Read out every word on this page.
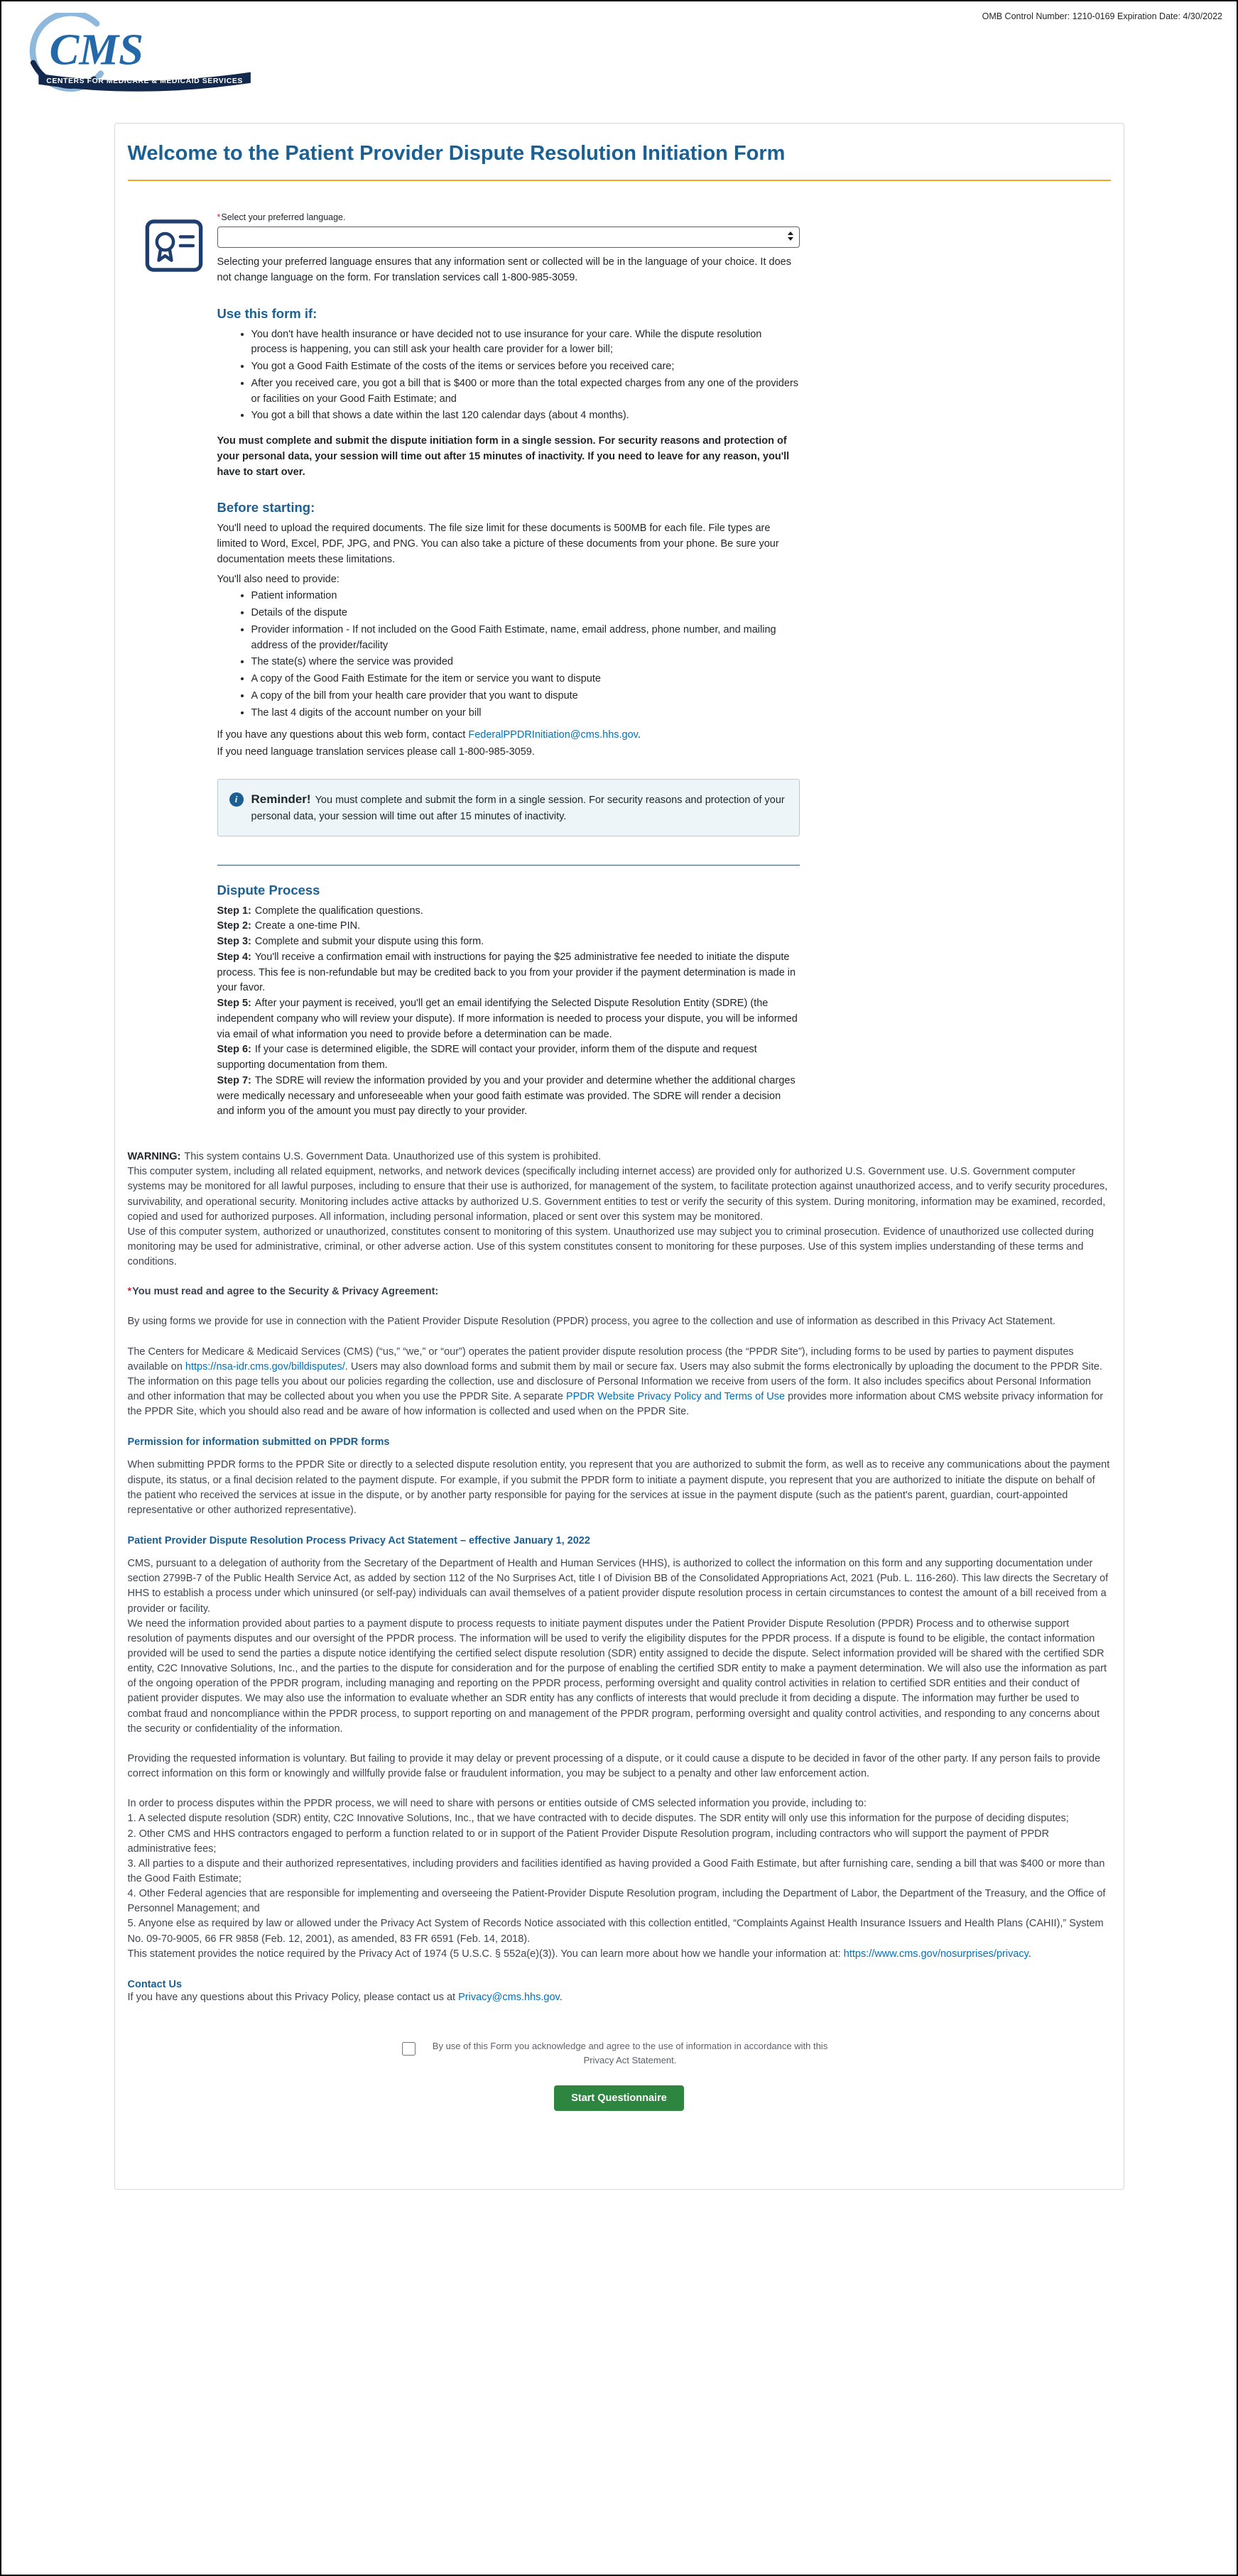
OMB Control Number: 1210-0169 Expiration Date: 4/30/2022
CMS
CENTERS FOR MEDICARE & MEDICAID SERVICES
Welcome to the Patient Provider Dispute Resolution Initiation Form
*Select your preferred language.

Selecting your preferred language ensures that any information sent or collected will be in the language of your choice. It does not change language on the form. For translation services call 1-800-985-3059.

Use this form if:
• You don't have health insurance or have decided not to use insurance for your care. While the dispute resolution process is happening, you can still ask your health care provider for a lower bill;
• You got a Good Faith Estimate of the costs of the items or services before you received care;
• After you received care, you got a bill that is $400 or more than the total expected charges from any one of the providers or facilities on your Good Faith Estimate; and
• You got a bill that shows a date within the last 120 calendar days (about 4 months).

You must complete and submit the dispute initiation form in a single session. For security reasons and protection of your personal data, your session will time out after 15 minutes of inactivity. If you need to leave for any reason, you'll have to start over.

Before starting:

You'll need to upload the required documents. The file size limit for these documents is 500MB for each file. File types are limited to Word, Excel, PDF, JPG, and PNG. You can also take a picture of these documents from your phone. Be sure your documentation meets these limitations.

You'll also need to provide:

• Patient information
• Details of the dispute
• Provider information - If not included on the Good Faith Estimate, name, email address, phone number, and mailing address of the provider/facility
• The state(s) where the service was provided
• A copy of the Good Faith Estimate for the item or service you want to dispute
• A copy of the bill from your health care provider that you want to dispute
• The last 4 digits of the account number on your bill

If you have any questions about this web form, contact FederalPPDRInitiation@cms.hhs.gov.

If you need language translation services please call 1-800-985-3059.

i	Reminder! You must complete and submit the form in a single session. For security reasons and protection of your personal data, your session will time out after 15 minutes of inactivity.
Dispute Process

Step 1: Complete the qualification questions.

Step 2: Create a one-time PIN.

Step 3: Complete and submit your dispute using this form.

Step 4: You'll receive a confirmation email with instructions for paying the $25 administrative fee needed to initiate the dispute process. This fee is non-refundable but may be credited back to you from your provider if the payment determination is made in your favor.

Step 5: After your payment is received, you'll get an email identifying the Selected Dispute Resolution Entity (SDRE) (the independent company who will review your dispute). If more information is needed to process your dispute, you will be informed via email of what information you need to provide before a determination can be made.

Step 6: If your case is determined eligible, the SDRE will contact your provider, inform them of the dispute and request supporting documentation from them.

Step 7: The SDRE will review the information provided by you and your provider and determine whether the additional charges were medically necessary and unforeseeable when your good faith estimate was provided. The SDRE will render a decision and inform you of the amount you must pay directly to your provider.

WARNING: This system contains U.S. Government Data. Unauthorized use of this system is prohibited.

This computer system, including all related equipment, networks, and network devices (specifically including internet access) are provided only for authorized U.S. Government use. U.S. Government computer systems may be monitored for all lawful purposes, including to ensure that their use is authorized, for management of the system, to facilitate protection against unauthorized access, and to verify security procedures, survivability, and operational security. Monitoring includes active attacks by authorized U.S. Government entities to test or verify the security of this system. During monitoring, information may be examined, recorded, copied and used for authorized purposes. All information, including personal information, placed or sent over this system may be monitored.

Use of this computer system, authorized or unauthorized, constitutes consent to monitoring of this system. Unauthorized use may subject you to criminal prosecution. Evidence of unauthorized use collected during monitoring may be used for administrative, criminal, or other adverse action. Use of this system constitutes consent to monitoring for these purposes. Use of this system implies understanding of these terms and conditions.

*You must read and agree to the Security & Privacy Agreement:

By using forms we provide for use in connection with the Patient Provider Dispute Resolution (PPDR) process, you agree to the collection and use of information as described in this Privacy Act Statement.

The Centers for Medicare & Medicaid Services (CMS) (“us,” “we,” or “our”) operates the patient provider dispute resolution process (the “PPDR Site”), including forms to be used by parties to payment disputes available on https://nsa-idr.cms.gov/billdisputes/. Users may also download forms and submit them by mail or secure fax. Users may also submit the forms electronically by uploading the document to the PPDR Site. The information on this page tells you about our policies regarding the collection, use and disclosure of Personal Information we receive from users of the form. It also includes specifics about Personal Information and other information that may be collected about you when you use the PPDR Site. A separate PPDR Website Privacy Policy and Terms of Use provides more information about CMS website privacy information for the PPDR Site, which you should also read and be aware of how information is collected and used when on the PPDR Site.

Permission for information submitted on PPDR forms

When submitting PPDR forms to the PPDR Site or directly to a selected dispute resolution entity, you represent that you are authorized to submit the form, as well as to receive any communications about the payment dispute, its status, or a final decision related to the payment dispute. For example, if you submit the PPDR form to initiate a payment dispute, you represent that you are authorized to initiate the dispute on behalf of the patient who received the services at issue in the dispute, or by another party responsible for paying for the services at issue in the payment dispute (such as the patient's parent, guardian, court-appointed representative or other authorized representative).

Patient Provider Dispute Resolution Process Privacy Act Statement – effective January 1, 2022

CMS, pursuant to a delegation of authority from the Secretary of the Department of Health and Human Services (HHS), is authorized to collect the information on this form and any supporting documentation under section 2799B-7 of the Public Health Service Act, as added by section 112 of the No Surprises Act, title I of Division BB of the Consolidated Appropriations Act, 2021 (Pub. L. 116-260). This law directs the Secretary of HHS to establish a process under which uninsured (or self-pay) individuals can avail themselves of a patient provider dispute resolution process in certain circumstances to contest the amount of a bill received from a provider or facility.

We need the information provided about parties to a payment dispute to process requests to initiate payment disputes under the Patient Provider Dispute Resolution (PPDR) Process and to otherwise support resolution of payments disputes and our oversight of the PPDR process. The information will be used to verify the eligibility disputes for the PPDR process. If a dispute is found to be eligible, the contact information provided will be used to send the parties a dispute notice identifying the certified select dispute resolution (SDR) entity assigned to decide the dispute. Select information provided will be shared with the certified SDR entity, C2C Innovative Solutions, Inc., and the parties to the dispute for consideration and for the purpose of enabling the certified SDR entity to make a payment determination. We will also use the information as part of the ongoing operation of the PPDR program, including managing and reporting on the PPDR process, performing oversight and quality control activities in relation to certified SDR entities and their conduct of patient provider disputes. We may also use the information to evaluate whether an SDR entity has any conflicts of interests that would preclude it from deciding a dispute. The information may further be used to combat fraud and noncompliance within the PPDR process, to support reporting on and management of the PPDR program, performing oversight and quality control activities, and responding to any concerns about the security or confidentiality of the information.

Providing the requested information is voluntary. But failing to provide it may delay or prevent processing of a dispute, or it could cause a dispute to be decided in favor of the other party. If any person fails to provide correct information on this form or knowingly and willfully provide false or fraudulent information, you may be subject to a penalty and other law enforcement action.

In order to process disputes within the PPDR process, we will need to share with persons or entities outside of CMS selected information you provide, including to:

1. A selected dispute resolution (SDR) entity, C2C Innovative Solutions, Inc., that we have contracted with to decide disputes. The SDR entity will only use this information for the purpose of deciding disputes;

2. Other CMS and HHS contractors engaged to perform a function related to or in support of the Patient Provider Dispute Resolution program, including contractors who will support the payment of PPDR administrative fees;

3. All parties to a dispute and their authorized representatives, including providers and facilities identified as having provided a Good Faith Estimate, but after furnishing care, sending a bill that was $400 or more than the Good Faith Estimate;

4. Other Federal agencies that are responsible for implementing and overseeing the Patient-Provider Dispute Resolution program, including the Department of Labor, the Department of the Treasury, and the Office of Personnel Management; and

5. Anyone else as required by law or allowed under the Privacy Act System of Records Notice associated with this collection entitled, “Complaints Against Health Insurance Issuers and Health Plans (CAHII),” System No. 09-70-9005, 66 FR 9858 (Feb. 12, 2001), as amended, 83 FR 6591 (Feb. 14, 2018).

This statement provides the notice required by the Privacy Act of 1974 (5 U.S.C. § 552a(e)(3)). You can learn more about how we handle your information at: https://www.cms.gov/nosurprises/privacy.

Contact Us

If you have any questions about this Privacy Policy, please contact us at Privacy@cms.hhs.gov.

By use of this Form you acknowledge and agree to the use of information in accordance with this Privacy Act Statement.
Start Questionnaire
